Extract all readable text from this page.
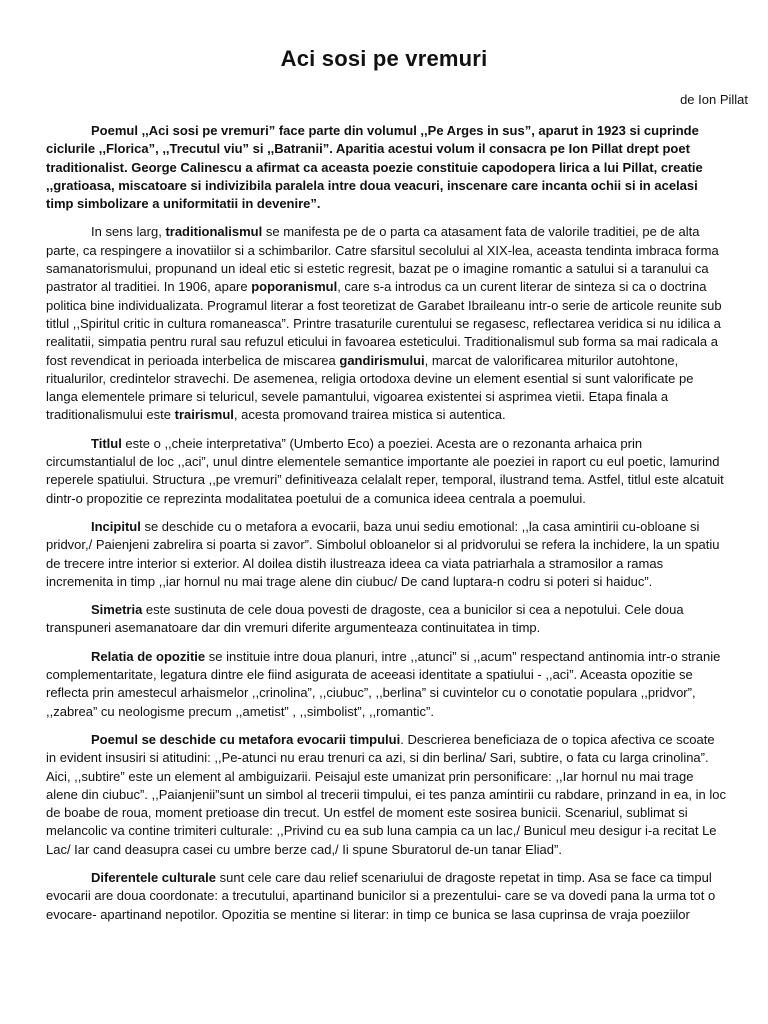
Aci sosi pe vremuri
de Ion Pillat

Poemul ,,Aci sosi pe vremuri” face parte din volumul ,,Pe Arges in sus”, aparut in 1923 si cuprinde ciclurile ,,Florica”, ,,Trecutul viu” si ,,Batranii”. Aparitia acestui volum il consacra pe Ion Pillat drept poet traditionalist. George Calinescu a afirmat ca aceasta poezie constituie capodopera lirica a lui Pillat, creatie ,,gratioasa, miscatoare si indivizibila paralela intre doua veacuri, inscenare care incanta ochii si in acelasi timp simbolizare a uniformitatii in devenire”.

In sens larg, traditionalismul se manifesta pe de o parta ca atasament fata de valorile traditiei, pe de alta parte, ca respingere a inovatiilor si a schimbarilor. Catre sfarsitul secolului al XIX-lea, aceasta tendinta imbraca forma samanatorismului, propunand un ideal etic si estetic regresit, bazat pe o imagine romantic a satului si a taranului ca pastrator al traditiei. In 1906, apare poporanismul, care s-a introdus ca un curent literar de sinteza si ca o doctrina politica bine individualizata. Programul literar a fost teoretizat de Garabet Ibraileanu intr-o serie de articole reunite sub titlul ,,Spiritul critic in cultura romaneasca”. Printre trasaturile curentului se regasesc, reflectarea veridica si nu idilica a realitatii, simpatia pentru rural sau refuzul eticului in favoarea esteticului. Traditionalismul sub forma sa mai radicala a fost revendicat in perioada interbelica de miscarea gandirismului, marcat de valorificarea miturilor autohtone, ritualurilor, credintelor stravechi. De asemenea, religia ortodoxa devine un element esential si sunt valorificate pe langa elementele primare si teluricul, sevele pamantului, vigoarea existentei si asprimea vietii. Etapa finala a traditionalismului este trairismul, acesta promovand trairea mistica si autentica.

Titlul este o ,,cheie interpretativa” (Umberto Eco) a poeziei. Acesta are o rezonanta arhaica prin circumstantialul de loc ,,aci”, unul dintre elementele semantice importante ale poeziei in raport cu eul poetic, lamurind reperele spatiului. Structura ,,pe vremuri” definitiveaza celalalt reper, temporal, ilustrand tema. Astfel, titlul este alcatuit dintr-o propozitie ce reprezinta modalitatea poetului de a comunica ideea centrala a poemului.

Incipitul se deschide cu o metafora a evocarii, baza unui sediu emotional: ,,la casa amintirii cu-obloane si pridvor,/ Paienjeni zabrelira si poarta si zavor”. Simbolul obloanelor si al pridvorului se refera la inchidere, la un spatiu de trecere intre interior si exterior. Al doilea distih ilustreaza ideea ca viata patriarhala a stramosilor a ramas incremenita in timp ,,iar hornul nu mai trage alene din ciubuc/ De cand luptara-n codru si poteri si haiduc”.

Simetria este sustinuta de cele doua povesti de dragoste, cea a bunicilor si cea a nepotului. Cele doua transpuneri asemanatoare dar din vremuri diferite argumenteaza continuitatea in timp.

Relatia de opozitie se instituie intre doua planuri, intre ,,atunci” si ,,acum” respectand antinomia intr-o stranie complementaritate, legatura dintre ele fiind asigurata de aceeasi identitate a spatiului - ,,aci”. Aceasta opozitie se reflecta prin amestecul arhaismelor ,,crinolina”, ,,ciubuc”, ,,berlina” si cuvintelor cu o conotatie populara ,,pridvor”, ,,zabrea” cu neologisme precum ,,ametist” , ,,simbolist”, ,,romantic”.

Poemul se deschide cu metafora evocarii timpului. Descrierea beneficiaza de o topica afectiva ce scoate in evident insusiri si atitudini: ,,Pe-atunci nu erau trenuri ca azi, si din berlina/ Sari, subtire, o fata cu larga crinolina”. Aici, ,,subtire” este un element al ambiguizarii. Peisajul este umanizat prin personificare: ,,Iar hornul nu mai trage alene din ciubuc”. ,,Paianjenii”sunt un simbol al trecerii timpului, ei tes panza amintirii cu rabdare, prinzand in ea, in loc de boabe de roua, moment pretioase din trecut. Un estfel de moment este sosirea bunicii. Scenariul, sublimat si melancolic va contine trimiteri culturale: ,,Privind cu ea sub luna campia ca un lac,/ Bunicul meu desigur i-a recitat Le Lac/ Iar cand deasupra casei cu umbre berze cad,/ Ii spune Sburatorul de-un tanar Eliad”.

Diferentele culturale sunt cele care dau relief scenariului de dragoste repetat in timp. Asa se face ca timpul evocarii are doua coordonate: a trecutului, apartinand bunicilor si a prezentului- care se va dovedi pana la urma tot o evocare- apartinand nepotilor. Opozitia se mentine si literar: in timp ce bunica se lasa cuprinsa de vraja poeziilor
